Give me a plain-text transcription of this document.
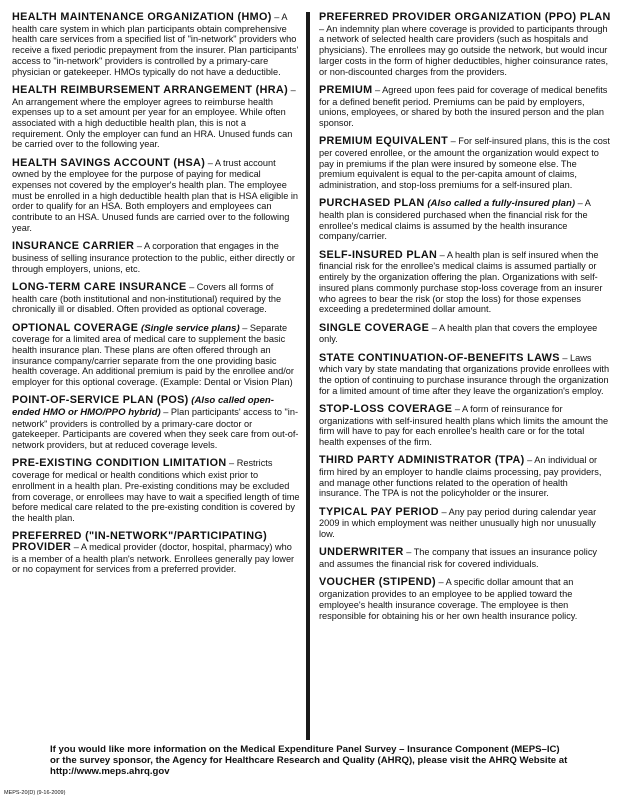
HEALTH MAINTENANCE ORGANIZATION (HMO) – A health care system in which plan participants obtain comprehensive health care services from a specified list of "in-network" providers who receive a fixed periodic prepayment from the insurer. Plan participants' access to "in-network" providers is controlled by a primary-care physician or gatekeeper. HMOs typically do not have a deductible.

HEALTH REIMBURSEMENT ARRANGEMENT (HRA) – An arrangement where the employer agrees to reimburse health expenses up to a set amount per year for an employee. While often associated with a high deductible health plan, this is not a requirement. Only the employer can fund an HRA. Unused funds can be carried over to the following year.

HEALTH SAVINGS ACCOUNT (HSA) – A trust account owned by the employee for the purpose of paying for medical expenses not covered by the employer's health plan. The employee must be enrolled in a high deductible health plan that is HSA eligible in order to qualify for an HSA. Both employers and employees can contribute to an HSA. Unused funds are carried over to the following year.

INSURANCE CARRIER – A corporation that engages in the business of selling insurance protection to the public, either directly or through employers, unions, etc.

LONG-TERM CARE INSURANCE – Covers all forms of health care (both institutional and non-institutional) required by the chronically ill or disabled. Often provided as optional coverage.

OPTIONAL COVERAGE (Single service plans) – Separate coverage for a limited area of medical care to supplement the basic health insurance plan. These plans are often offered through an insurance company/carrier separate from the one providing basic health coverage. An additional premium is paid by the enrollee and/or employer for this optional coverage. (Example: Dental or Vision Plan)

POINT-OF-SERVICE PLAN (POS) (Also called open-ended HMO or HMO/PPO hybrid) – Plan participants' access to "in-network" providers is controlled by a primary-care doctor or gatekeeper. Participants are covered when they seek care from out-of-network providers, but at reduced coverage levels.

PRE-EXISTING CONDITION LIMITATION – Restricts coverage for medical or health conditions which exist prior to enrollment in a health plan. Pre-existing conditions may be excluded from coverage, or enrollees may have to wait a specified length of time before medical care related to the pre-existing condition is covered by the health plan.

PREFERRED ("IN-NETWORK"/PARTICIPATING) PROVIDER – A medical provider (doctor, hospital, pharmacy) who is a member of a health plan's network. Enrollees generally pay lower or no copayment for services from a preferred provider.

PREFERRED PROVIDER ORGANIZATION (PPO) PLAN – An indemnity plan where coverage is provided to participants through a network of selected health care providers (such as hospitals and physicians). The enrollees may go outside the network, but would incur larger costs in the form of higher deductibles, higher coinsurance rates, or non-discounted charges from the providers.

PREMIUM – Agreed upon fees paid for coverage of medical benefits for a defined benefit period. Premiums can be paid by employers, unions, employees, or shared by both the insured person and the plan sponsor.

PREMIUM EQUIVALENT – For self-insured plans, this is the cost per covered enrollee, or the amount the organization would expect to pay in premiums if the plan were insured by someone else. The premium equivalent is equal to the per-capita amount of claims, administration, and stop-loss premiums for a self-insured plan.

PURCHASED PLAN (Also called a fully-insured plan) – A health plan is considered purchased when the financial risk for the enrollee's medical claims is assumed by the health insurance company/carrier.

SELF-INSURED PLAN – A health plan is self insured when the financial risk for the enrollee's medical claims is assumed partially or entirely by the organization offering the plan. Organizations with self-insured plans commonly purchase stop-loss coverage from an insurer who agrees to bear the risk (or stop the loss) for those expenses exceeding a predetermined dollar amount.

SINGLE COVERAGE – A health plan that covers the employee only.

STATE CONTINUATION-OF-BENEFITS LAWS – Laws which vary by state mandating that organizations provide enrollees with the option of continuing to purchase insurance through the organization for a limited amount of time after they leave the organization's employ.

STOP-LOSS COVERAGE – A form of reinsurance for organizations with self-insured health plans which limits the amount the firm will have to pay for each enrollee's health care or for the total health expenses of the firm.

THIRD PARTY ADMINISTRATOR (TPA) – An individual or firm hired by an employer to handle claims processing, pay providers, and manage other functions related to the operation of health insurance. The TPA is not the policyholder or the insurer.

TYPICAL PAY PERIOD – Any pay period during calendar year 2009 in which employment was neither unusually high nor unusually low.

UNDERWRITER – The company that issues an insurance policy and assumes the financial risk for covered individuals.

VOUCHER (STIPEND) – A specific dollar amount that an organization provides to an employee to be applied toward the employee's health insurance coverage. The employee is then responsible for obtaining his or her own health insurance policy.

If you would like more information on the Medical Expenditure Panel Survey – Insurance Component (MEPS–IC) or the survey sponsor, the Agency for Healthcare Research and Quality (AHRQ), please visit the AHRQ Website at http://www.meps.ahrq.gov
MEPS-20(D) (9-16-2009)
